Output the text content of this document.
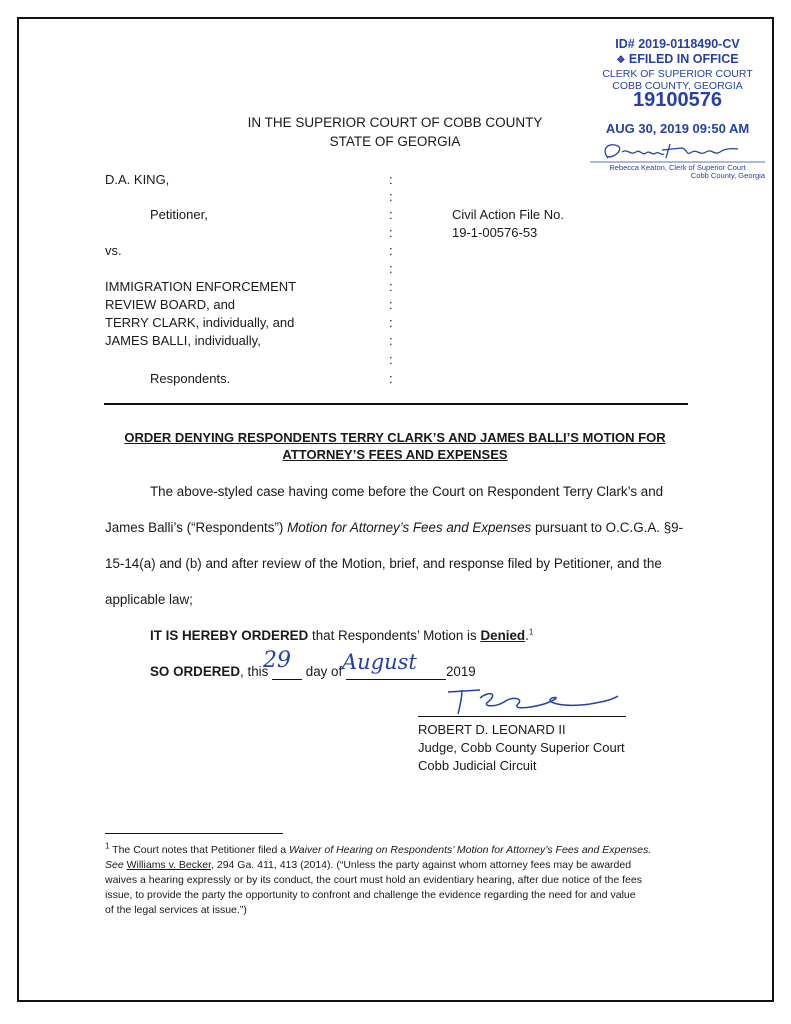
ID# 2019-0118490-CV
❖ EFILED IN OFFICE
CLERK OF SUPERIOR COURT
COBB COUNTY, GEORGIA
19100576
AUG 30, 2019 09:50 AM
Rebecca Keaton, Clerk of Superior Court
Cobb County, Georgia
IN THE SUPERIOR COURT OF COBB COUNTY
STATE OF GEORGIA
D.A. KING,
Petitioner,
vs.
IMMIGRATION ENFORCEMENT
REVIEW BOARD, and
TERRY CLARK, individually, and
JAMES BALLI, individually,
Respondents.
:
:
:
:
:
:
:
:
:
:
:
:
Civil Action File No.
19-1-00576-53
ORDER DENYING RESPONDENTS TERRY CLARK’S AND JAMES BALLI’S MOTION FOR
ATTORNEY’S FEES AND EXPENSES
The above-styled case having come before the Court on Respondent Terry Clark’s and
James Balli’s (“Respondents”) Motion for Attorney’s Fees and Expenses pursuant to O.C.G.A. §9-
15-14(a) and (b) and after review of the Motion, brief, and response filed by Petitioner, and the
applicable law;
IT IS HEREBY ORDERED that Respondents’ Motion is Denied.$^1$
SO ORDERED, this   day of	2019
29 August
ROBERT D. LEONARD II
Judge, Cobb County Superior Court
Cobb Judicial Circuit
$^1$ The Court notes that Petitioner filed a Waiver of Hearing on Respondents’ Motion for Attorney’s Fees and Expenses.
See Williams v. Becker, 294 Ga. 411, 413 (2014). (“Unless the party against whom attorney fees may be awarded
waives a hearing expressly or by its conduct, the court must hold an evidentiary hearing, after due notice of the fees
issue, to provide the party the opportunity to confront and challenge the evidence regarding the need for and value
of the legal services at issue.”)
